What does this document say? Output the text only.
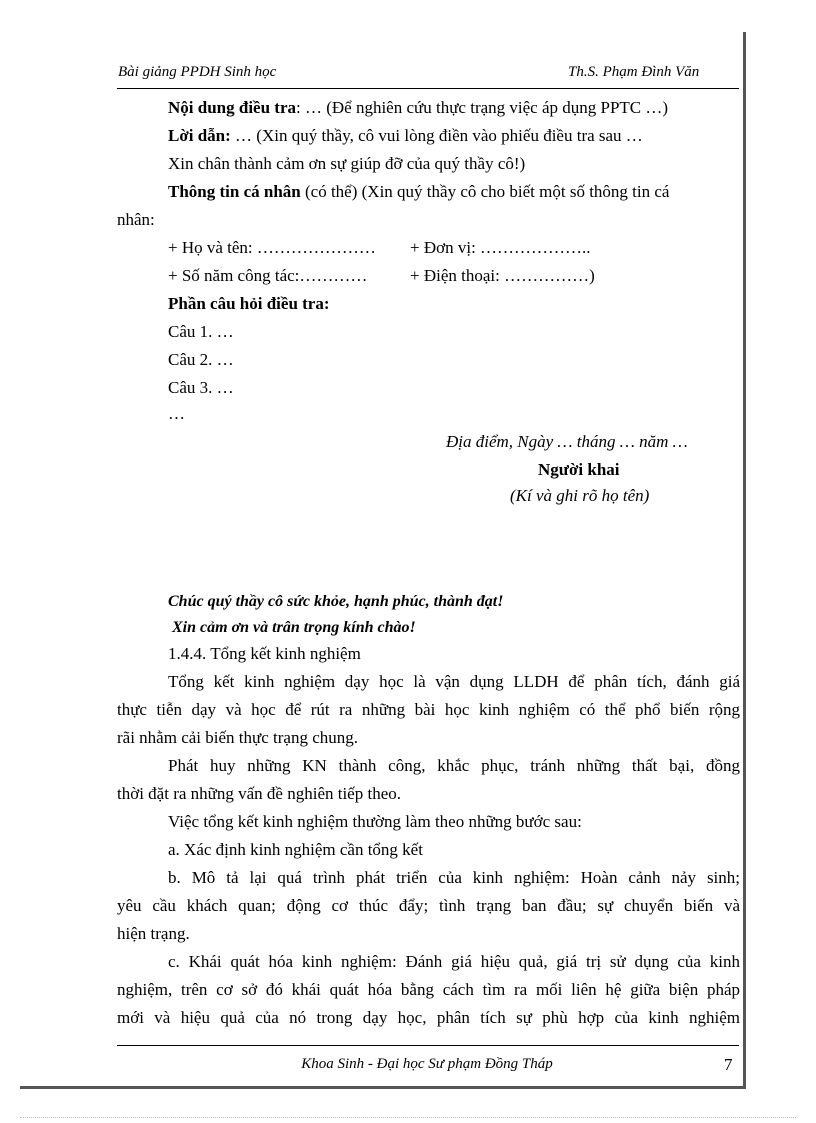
Bài giảng PPDH Sinh học	Th.S. Phạm Đình Văn
Nội dung điều tra: … (Để nghiên cứu thực trạng việc áp dụng PPTC …)
Lời dẫn: … (Xin quý thầy, cô vui lòng điền vào phiếu điều tra sau …
Xin chân thành cảm ơn sự giúp đỡ của quý thầy cô!)
Thông tin cá nhân (có thể) (Xin quý thầy cô cho biết một số thông tin cá
nhân:
+ Họ và tên: ………………… + Đơn vị: ………………..
+ Số năm công tác:…………	+ Điện thoại: ……………)
Phần câu hỏi điều tra:
Câu 1. …
Câu 2. …
Câu 3. …
…
Địa điểm, Ngày … tháng … năm …
Người khai
(Kí và ghi rõ họ tên)
Chúc quý thầy cô sức khỏe, hạnh phúc, thành đạt!
Xin cảm ơn và trân trọng kính chào!
1.4.4. Tổng kết kinh nghiệm
Tổng kết kinh nghiệm dạy học là vận dụng LLDH để phân tích, đánh giá
thực tiễn dạy và học để rút ra những bài học kinh nghiệm có thể phổ biến rộng
rãi nhằm cải biến thực trạng chung.
Phát huy những KN thành công, khắc phục, tránh những thất bại, đồng
thời đặt ra những vấn đề nghiên tiếp theo.
Việc tổng kết kinh nghiệm thường làm theo những bước sau:
a. Xác định kinh nghiệm cần tổng kết
b. Mô tả lại quá trình phát triển của kinh nghiệm: Hoàn cảnh nảy sinh;
yêu cầu khách quan; động cơ thúc đẩy; tình trạng ban đầu; sự chuyển biến và
hiện trạng.
c. Khái quát hóa kinh nghiệm: Đánh giá hiệu quả, giá trị sử dụng của kinh
nghiệm, trên cơ sở đó khái quát hóa bằng cách tìm ra mối liên hệ giữa biện pháp
mới và hiệu quả của nó trong dạy học, phân tích sự phù hợp của kinh nghiệm
Khoa Sinh - Đại học Sư phạm Đồng Tháp	7
